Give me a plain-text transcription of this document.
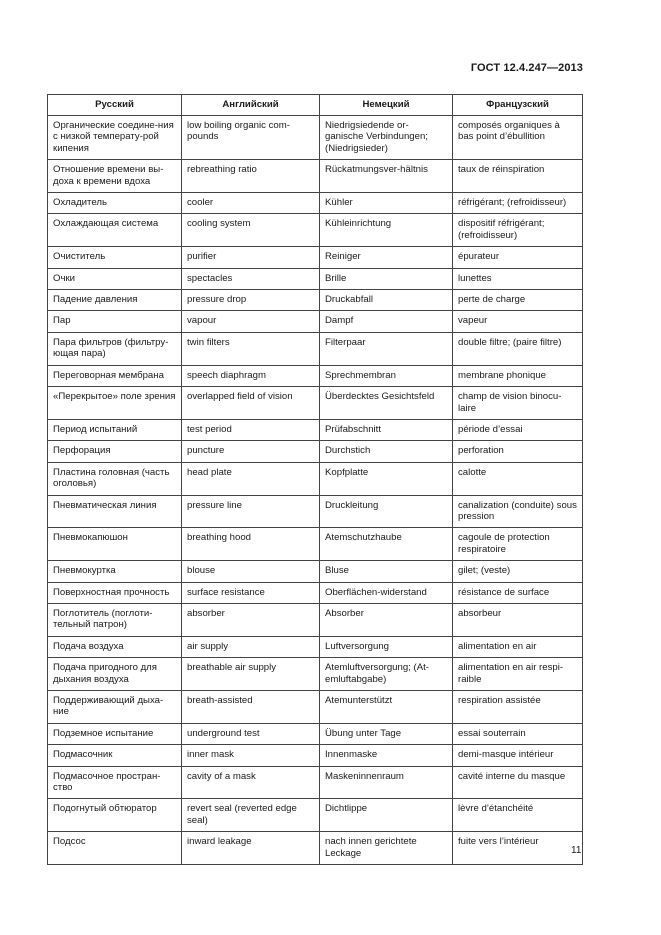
ГОСТ 12.4.247—2013
Русский	Английский	Немецкий	Французский
Органические соедине-ния с низкой температу-рой кипения	low boiling organic com-pounds	Niedrigsiedende or-ganische Verbindungen; (Niedrigsieder)	composés organiques à bas point d’ébullition
Отношение времени вы-доха к времени вдоха	rebreathing ratio	Rückatmungsver-hältnis	taux de réinspiration
Охладитель	cooler	Kühler	réfrigérant; (refroidisseur)
Охлаждающая система	cooling system	Kühleinrichtung	dispositif réfrigérant; (refroidisseur)
Очиститель	purifier	Reiniger	épurateur
Очки	spectacles	Brille	lunettes
Падение давления	pressure drop	Druckabfall	perte de charge
Пар	vapour	Dampf	vapeur
Пара фильтров (фильтру-ющая пара)	twin filters	Filterpaar	double filtre; (paire filtre)
Переговорная мембрана	speech diaphragm	Sprechmembran	membrane phonique
«Перекрытое» поле зрения	overlapped field of vision	Überdecktes Gesichtsfeld	champ de vision binocu-laire
Период испытаний	test period	Prüfabschnitt	période d’essai
Перфорация	puncture	Durchstich	perforation
Пластина головная (часть оголовья)	head plate	Kopfplatte	calotte
Пневматическая линия	pressure line	Druckleitung	canalization (conduite) sous pression
Пневмокапюшон	breathing hood	Atemschutzhaube	cagoule de protection respiratoire
Пневмокуртка	blouse	Bluse	gilet; (veste)
Поверхностная прочность	surface resistance	Oberflächen-widerstand	résistance de surface
Поглотитель (поглоти-тельный патрон)	absorber	Absorber	absorbeur
Подача воздуха	air supply	Luftversorgung	alimentation en air
Подача пригодного для дыхания воздуха	breathable air supply	Atemluftversorgung; (At-emluftabgabe)	alimentation en air respi-raible
Поддерживающий дыха-ние	breath-assisted	Atemunterstützt	respiration assistée
Подземное испытание	underground test	Übung unter Tage	essai souterrain
Подмасочник	inner mask	Innenmaske	demi-masque intérieur
Подмасочное простран-ство	cavity of a mask	Maskeninnenraum	cavité interne du masque
Подогнутый обтюратор	revert seal (reverted edge seal)	Dichtlippe	lèvre d’étanchéité
Подсос	inward leakage	nach innen gerichtete Leckage	fuite vers l’intérieur
11
